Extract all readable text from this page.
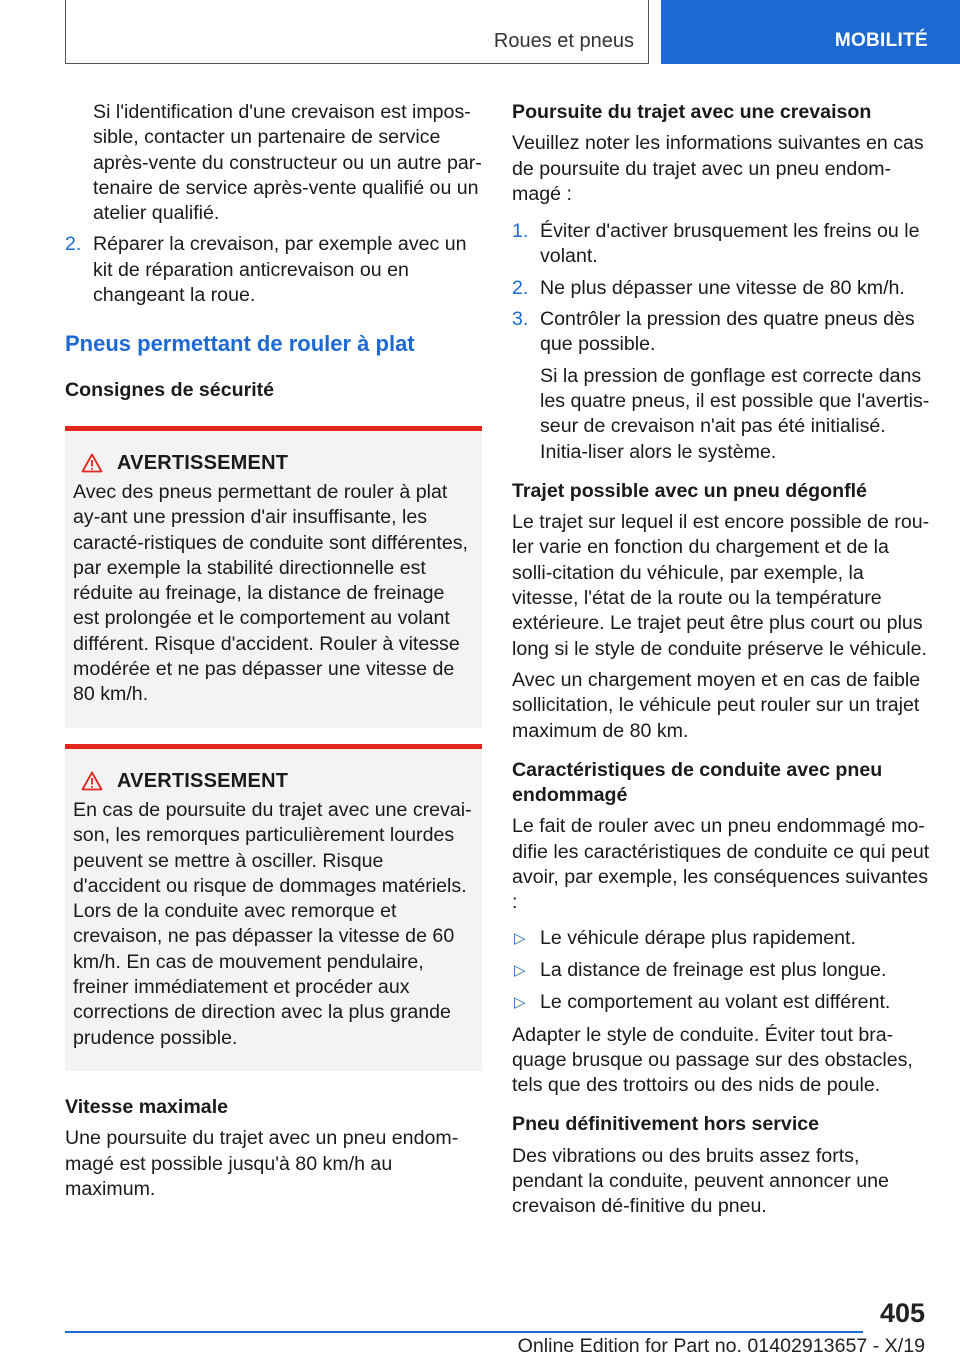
Roues et pneus	MOBILITÉ

Si l'identification d'une crevaison est impos-sible, contacter un partenaire de service après-vente du constructeur ou un autre par-tenaire de service après-vente qualifié ou un atelier qualifié.

2. Réparer la crevaison, par exemple avec un kit de réparation anticrevaison ou en changeant la roue.
Pneus permettant de rouler à plat
Consignes de sécurité
AVERTISSEMENT

Avec des pneus permettant de rouler à plat ay-ant une pression d'air insuffisante, les caracté-ristiques de conduite sont différentes, par exemple la stabilité directionnelle est réduite au freinage, la distance de freinage est prolongée et le comportement au volant différent. Risque d'accident. Rouler à vitesse modérée et ne pas dépasser une vitesse de 80 km/h.

AVERTISSEMENT

En cas de poursuite du trajet avec une crevai-son, les remorques particulièrement lourdes peuvent se mettre à osciller. Risque d'accident ou risque de dommages matériels. Lors de la conduite avec remorque et crevaison, ne pas dépasser la vitesse de 60 km/h. En cas de mouvement pendulaire, freiner immédiatement et procéder aux corrections de direction avec la plus grande prudence possible.

Vitesse maximale

Une poursuite du trajet avec un pneu endom-magé est possible jusqu'à 80 km/h au maximum.

Poursuite du trajet avec une crevaison

Veuillez noter les informations suivantes en cas de poursuite du trajet avec un pneu endom-magé :

1. Éviter d'activer brusquement les freins ou le volant.
2. Ne plus dépasser une vitesse de 80 km/h.
3. Contrôler la pression des quatre pneus dès que possible.

Si la pression de gonflage est correcte dans les quatre pneus, il est possible que l'avertis-seur de crevaison n'ait pas été initialisé. Initia-liser alors le système.

Trajet possible avec un pneu dégonflé

Le trajet sur lequel il est encore possible de rou-ler varie en fonction du chargement et de la solli-citation du véhicule, par exemple, la vitesse, l'état de la route ou la température extérieure. Le trajet peut être plus court ou plus long si le style de conduite préserve le véhicule.

Avec un chargement moyen et en cas de faible sollicitation, le véhicule peut rouler sur un trajet maximum de 80 km.

Caractéristiques de conduite avec pneu endommagé

Le fait de rouler avec un pneu endommagé mo-difie les caractéristiques de conduite ce qui peut avoir, par exemple, les conséquences suivantes :

▷ Le véhicule dérape plus rapidement.
▷ La distance de freinage est plus longue.
▷ Le comportement au volant est différent.

Adapter le style de conduite. Éviter tout bra-quage brusque ou passage sur des obstacles, tels que des trottoirs ou des nids de poule.

Pneu définitivement hors service

Des vibrations ou des bruits assez forts, pendant la conduite, peuvent annoncer une crevaison dé-finitive du pneu.

405
Online Edition for Part no. 01402913657 - X/19
